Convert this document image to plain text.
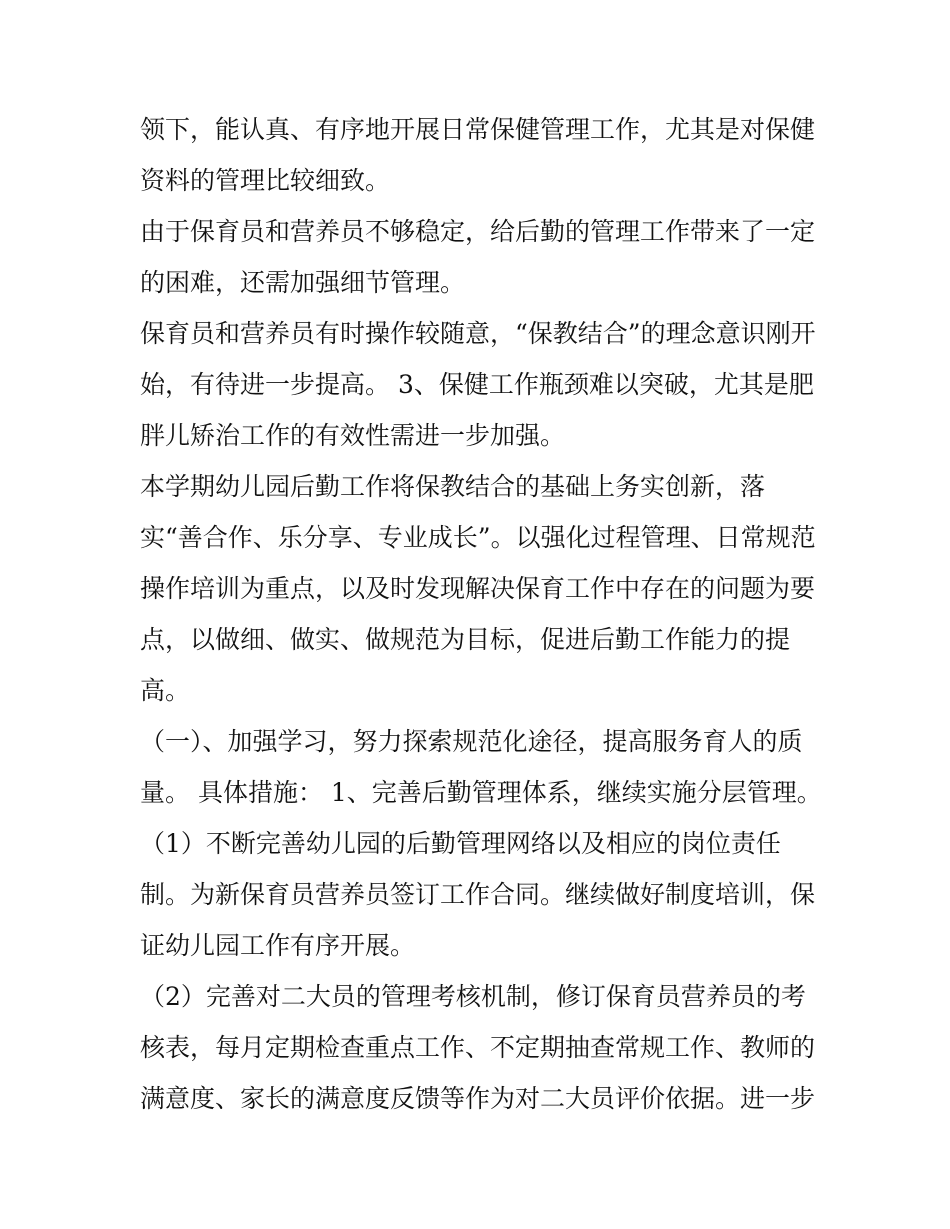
领下，能认真、有序地开展日常保健管理工作，尤其是对保健
资料的管理比较细致。
由于保育员和营养员不够稳定，给后勤的管理工作带来了一定
的困难，还需加强细节管理。
保育员和营养员有时操作较随意，“保教结合”的理念意识刚开
始，有待进一步提高。 3、保健工作瓶颈难以突破，尤其是肥
胖儿矫治工作的有效性需进一步加强。
本学期幼儿园后勤工作将保教结合的基础上务实创新，落
实“善合作、乐分享、专业成长”。以强化过程管理、日常规范
操作培训为重点，以及时发现解决保育工作中存在的问题为要
点，以做细、做实、做规范为目标，促进后勤工作能力的提
高。
（一）、加强学习，努力探索规范化途径，提高服务育人的质
量。 具体措施： 1、完善后勤管理体系，继续实施分层管理。
（1）不断完善幼儿园的后勤管理网络以及相应的岗位责任
制。为新保育员营养员签订工作合同。继续做好制度培训，保
证幼儿园工作有序开展。
（2）完善对二大员的管理考核机制，修订保育员营养员的考
核表，每月定期检查重点工作、不定期抽查常规工作、教师的
满意度、家长的满意度反馈等作为对二大员评价依据。进一步
